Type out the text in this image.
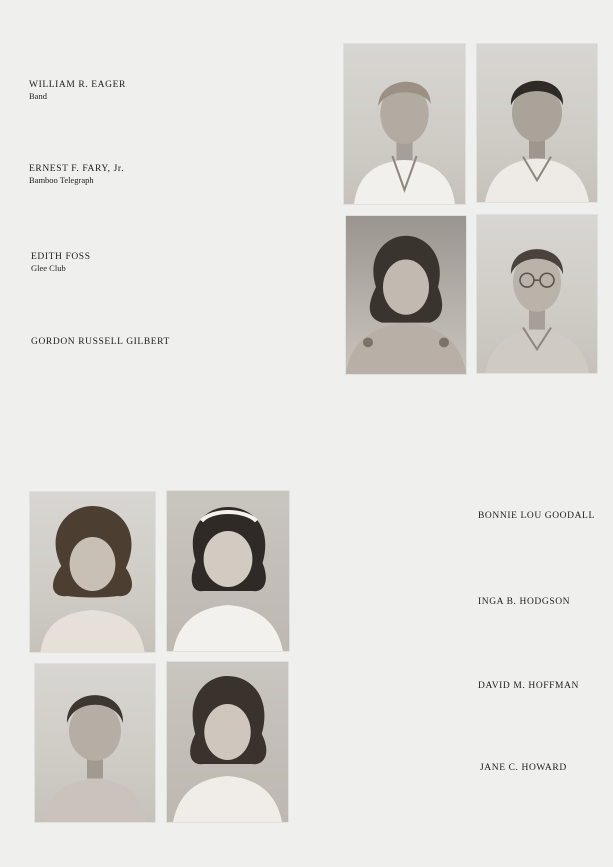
WILLIAM R. EAGER
Band
ERNEST F. FARY, Jr.
Bamboo Telegraph
EDITH FOSS
Glee Club
GORDON RUSSELL GILBERT
BONNIE LOU GOODALL
INGA B. HODGSON
DAVID M. HOFFMAN
JANE C. HOWARD
